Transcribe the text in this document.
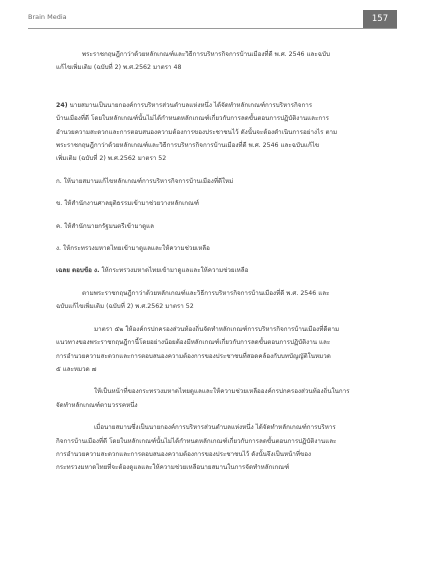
Brain Media	157
พระราชกฤษฎีกาว่าด้วยหลักเกณฑ์และวิธีการบริหารกิจการบ้านเมืองที่ดี พ.ศ. 2546 และฉบับ
แก้ไขเพิ่มเติม (ฉบับที่ 2) พ.ศ.2562 มาตรา 48
24) นายสมานเป็นนายกองค์การบริหารส่วนตำบลแห่งหนึ่ง ได้จัดทำหลักเกณฑ์การบริหารกิจการ
บ้านเมืองที่ดี โดยในหลักเกณฑ์นั้นไม่ได้กำหนดหลักเกณฑ์เกี่ยวกับการลดขั้นตอนการปฏิบัติงานและการ
อำนวยความสะดวกและการตอบสนองความต้องการของประชาชนไว้ ดังนั้นจะต้องดำเนินการอย่างไร ตาม
พระราชกฤษฎีกาว่าด้วยหลักเกณฑ์และวิธีการบริหารกิจการบ้านเมืองที่ดี พ.ศ. 2546 และฉบับแก้ไข
เพิ่มเติม (ฉบับที่ 2) พ.ศ.2562 มาตรา 52
ก. ให้นายสมานแก้ไขหลักเกณฑ์การบริหารกิจการบ้านเมืองที่ดีใหม่
ข. ให้สำนักงานศาลยุติธรรมเข้ามาช่วยวางหลักเกณฑ์
ค. ให้สำนักนายกรัฐมนตรีเข้ามาดูแล
ง. ให้กระทรวงมหาดไทยเข้ามาดูแลและให้ความช่วยเหลือ
เฉลย ตอบข้อ ง. ให้กระทรวงมหาดไทยเข้ามาดูแลและให้ความช่วยเหลือ
ตามพระราชกฤษฎีกาว่าด้วยหลักเกณฑ์และวิธีการบริหารกิจการบ้านเมืองที่ดี พ.ศ. 2546 และ
ฉบับแก้ไขเพิ่มเติม (ฉบับที่ 2) พ.ศ.2562 มาตรา 52
มาตรา ๕๒ ให้องค์กรปกครองส่วนท้องถิ่นจัดทำหลักเกณฑ์การบริหารกิจการบ้านเมืองที่ดีตาม
แนวทางของพระราชกฤษฎีกานี้โดยอย่างน้อยต้องมีหลักเกณฑ์เกี่ยวกับการลดขั้นตอนการปฏิบัติงาน และ
การอำนวยความสะดวกและการตอบสนองความต้องการของประชาชนที่สอดคล้องกับบทบัญญัติในหมวด
๕ และหมวด ๗
ให้เป็นหน้าที่ของกระทรวงมหาดไทยดูแลและให้ความช่วยเหลือองค์กรปกครองส่วนท้องถิ่นในการ
จัดทำหลักเกณฑ์ตามวรรคหนึ่ง
เมื่อนายสมานซึ่งเป็นนายกองค์การบริหารส่วนตำบลแห่งหนึ่ง ได้จัดทำหลักเกณฑ์การบริหาร
กิจการบ้านเมืองที่ดี โดยในหลักเกณฑ์นั้นไม่ได้กำหนดหลักเกณฑ์เกี่ยวกับการลดขั้นตอนการปฏิบัติงานและ
การอำนวยความสะดวกและการตอบสนองความต้องการของประชาชนไว้ ดังนั้นจึงเป็นหน้าที่ของ
กระทรวงมหาดไทยที่จะต้องดูแลและให้ความช่วยเหลือนายสมานในการจัดทำหลักเกณฑ์
